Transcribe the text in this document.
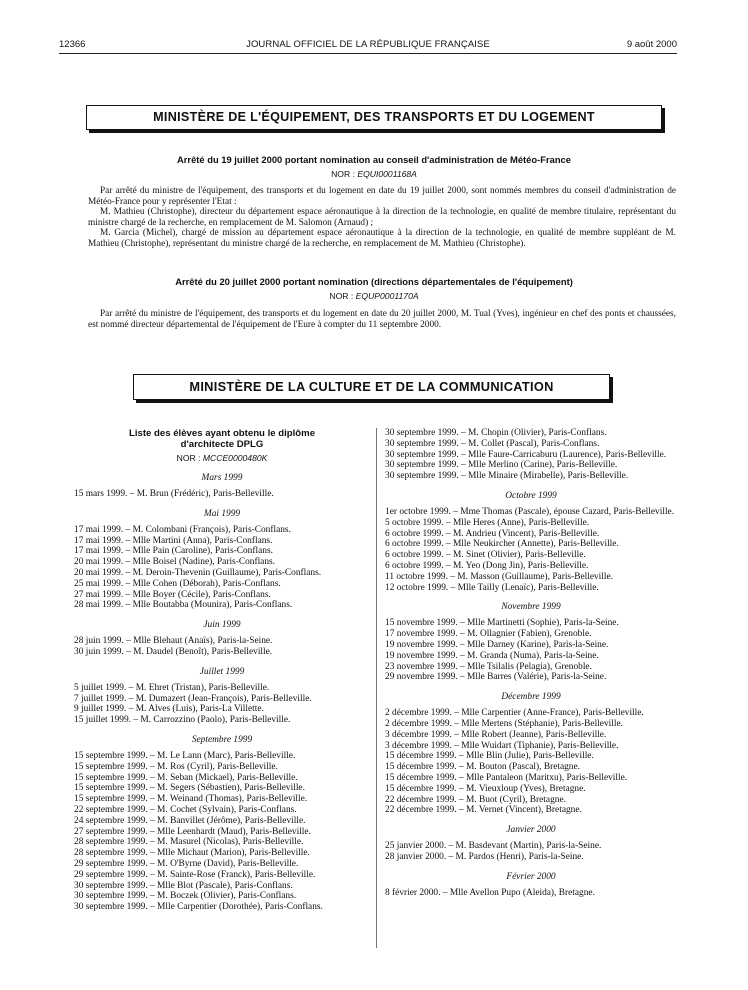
12366	JOURNAL OFFICIEL DE LA RÉPUBLIQUE FRANÇAISE	9 août 2000
MINISTÈRE DE L'ÉQUIPEMENT, DES TRANSPORTS ET DU LOGEMENT
Arrêté du 19 juillet 2000 portant nomination au conseil d'administration de Météo-France
NOR : EQUI0001168A

Par arrêté du ministre de l'équipement, des transports et du logement en date du 19 juillet 2000, sont nommés membres du conseil d'administration de Météo-France pour y représenter l'Etat :

M. Mathieu (Christophe), directeur du département espace aéronautique à la direction de la technologie, en qualité de membre titulaire, représentant du ministre chargé de la recherche, en remplacement de M. Salomon (Arnaud) ;

M. Garcia (Michel), chargé de mission au département espace aéronautique à la direction de la technologie, en qualité de membre suppléant de M. Mathieu (Christophe), représentant du ministre chargé de la recherche, en remplacement de M. Mathieu (Christophe).

Arrêté du 20 juillet 2000 portant nomination (directions départementales de l'équipement)
NOR : EQUP0001170A

Par arrêté du ministre de l'équipement, des transports et du logement en date du 20 juillet 2000, M. Tual (Yves), ingénieur en chef des ponts et chaussées, est nommé directeur départemental de l'équipement de l'Eure à compter du 11 septembre 2000.

MINISTÈRE DE LA CULTURE ET DE LA COMMUNICATION
Liste des élèves ayant obtenu le diplôme
d'architecte DPLG
NOR : MCCE0000480K
Mars 1999
15 mars 1999. – M. Brun (Frédéric), Paris-Belleville.
Mai 1999
17 mai 1999. – M. Colombani (François), Paris-Conflans.
17 mai 1999. – Mlle Martini (Anna), Paris-Conflans.
17 mai 1999. – Mlle Pain (Caroline), Paris-Conflans.
20 mai 1999. – Mlle Boisel (Nadine), Paris-Conflans.
20 mai 1999. – M. Deroin-Thevenin (Guillaume), Paris-Conflans.
25 mai 1999. – Mlle Cohen (Déborah), Paris-Conflans.
27 mai 1999. – Mlle Boyer (Cécile), Paris-Conflans.
28 mai 1999. – Mlle Boutabba (Mounira), Paris-Conflans.
Juin 1999
28 juin 1999. – Mlle Blehaut (Anaïs), Paris-la-Seine.
30 juin 1999. – M. Daudel (Benoît), Paris-Belleville.
Juillet 1999
5 juillet 1999. – M. Ehret (Tristan), Paris-Belleville.
7 juillet 1999. – M. Dumazert (Jean-François), Paris-Belleville.
9 juillet 1999. – M. Alves (Luis), Paris-La Villette.
15 juillet 1999. – M. Carrozzino (Paolo), Paris-Belleville.
Septembre 1999
15 septembre 1999. – M. Le Lann (Marc), Paris-Belleville.
15 septembre 1999. – M. Ros (Cyril), Paris-Belleville.
15 septembre 1999. – M. Seban (Mickael), Paris-Belleville.
15 septembre 1999. – M. Segers (Sébastien), Paris-Belleville.
15 septembre 1999. – M. Weinand (Thomas), Paris-Belleville.
22 septembre 1999. – M. Cochet (Sylvain), Paris-Conflans.
24 septembre 1999. – M. Banvillet (Jérôme), Paris-Belleville.
27 septembre 1999. – Mlle Leenhardt (Maud), Paris-Belleville.
28 septembre 1999. – M. Masurel (Nicolas), Paris-Belleville.
28 septembre 1999. – Mlle Michaut (Marion), Paris-Belleville.
29 septembre 1999. – M. O'Byrne (David), Paris-Belleville.
29 septembre 1999. – M. Sainte-Rose (Franck), Paris-Belleville.
30 septembre 1999. – Mlle Blot (Pascale), Paris-Conflans.
30 septembre 1999. – M. Boczek (Olivier), Paris-Conflans.
30 septembre 1999. – Mlle Carpentier (Dorothée), Paris-Conflans.
30 septembre 1999. – M. Chopin (Olivier), Paris-Conflans.
30 septembre 1999. – M. Collet (Pascal), Paris-Conflans.
30 septembre 1999. – Mlle Faure-Carricaburu (Laurence), Paris-Belleville.
30 septembre 1999. – Mlle Merlino (Carine), Paris-Belleville.
30 septembre 1999. – Mlle Minaire (Mirabelle), Paris-Belleville.
Octobre 1999
1er octobre 1999. – Mme Thomas (Pascale), épouse Cazard, Paris-Belleville.
5 octobre 1999. – Mlle Heres (Anne), Paris-Belleville.
6 octobre 1999. – M. Andrieu (Vincent), Paris-Belleville.
6 octobre 1999. – Mlle Neukircher (Annette), Paris-Belleville.
6 octobre 1999. – M. Sinet (Olivier), Paris-Belleville.
6 octobre 1999. – M. Yeo (Dong Jin), Paris-Belleville.
11 octobre 1999. – M. Masson (Guillaume), Paris-Belleville.
12 octobre 1999. – Mlle Tailly (Lenaïc), Paris-Belleville.
Novembre 1999
15 novembre 1999. – Mlle Martinetti (Sophie), Paris-la-Seine.
17 novembre 1999. – M. Ollagnier (Fabien), Grenoble.
19 novembre 1999. – Mlle Darney (Karine), Paris-la-Seine.
19 novembre 1999. – M. Granda (Numa), Paris-la-Seine.
23 novembre 1999. – Mlle Tsilalis (Pelagia), Grenoble.
29 novembre 1999. – Mlle Barres (Valérie), Paris-la-Seine.
Décembre 1999
2 décembre 1999. – Mlle Carpentier (Anne-France), Paris-Belleville.
2 décembre 1999. – Mlle Mertens (Stéphanie), Paris-Belleville.
3 décembre 1999. – Mlle Robert (Jeanne), Paris-Belleville.
3 décembre 1999. – Mlle Wuidart (Tiphanie), Paris-Belleville.
15 décembre 1999. – Mlle Blin (Julie), Paris-Belleville.
15 décembre 1999. – M. Bouton (Pascal), Bretagne.
15 décembre 1999. – Mlle Pantaleon (Maritxu), Paris-Belleville.
15 décembre 1999. – M. Vieuxloup (Yves), Bretagne.
22 décembre 1999. – M. Buot (Cyril), Bretagne.
22 décembre 1999. – M. Vernet (Vincent), Bretagne.
Janvier 2000
25 janvier 2000. – M. Basdevant (Martin), Paris-la-Seine.
28 janvier 2000. – M. Pardos (Henri), Paris-la-Seine.
Février 2000
8 février 2000. – Mlle Avellon Pupo (Aleida), Bretagne.
